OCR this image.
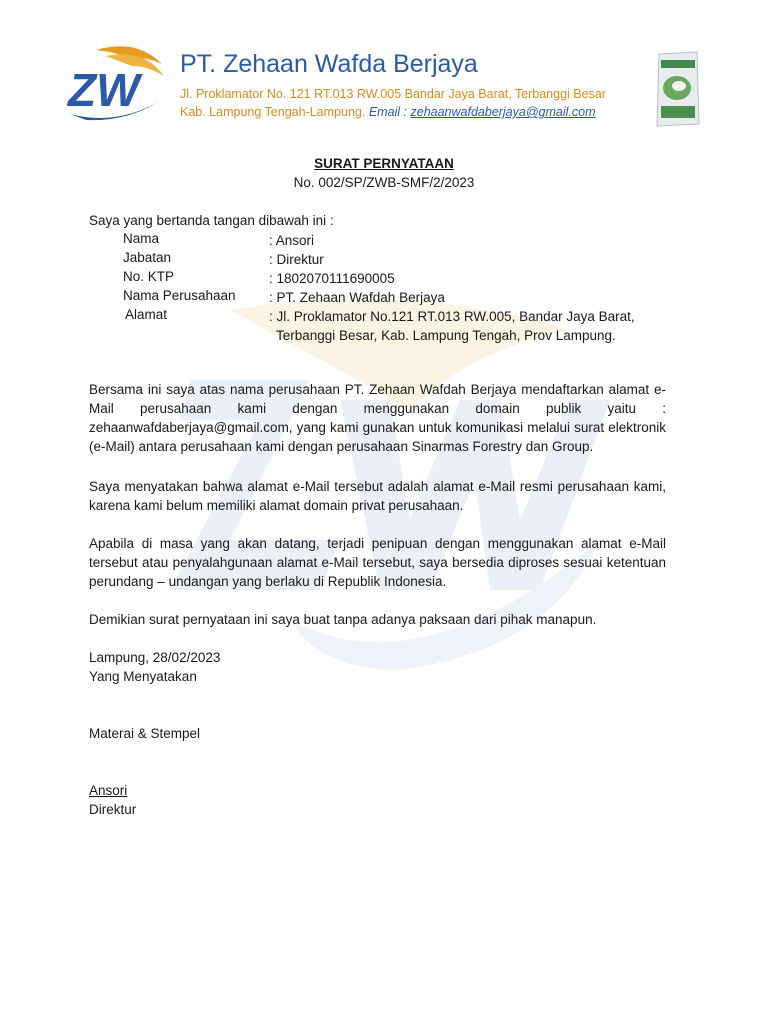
ZW PT. Zehaan Wafda Berjaya
Jl. Proklamator No. 121 RT.013 RW.005 Bandar Jaya Barat, Terbanggi Besar
Kab. Lampung Tengah-Lampung. Email : zehaanwafdaberjaya@gmail.com
SURAT PERNYATAAN
No. 002/SP/ZWB-SMF/2/2023
Saya yang bertanda tangan dibawah ini :
Nama	: Ansori
Jabatan	: Direktur
No. KTP	: 1802070111690005
Nama Perusahaan : PT. Zehaan Wafdah Berjaya
Alamat	: Jl. Proklamator No.121 RT.013 RW.005, Bandar Jaya Barat,
Terbanggi Besar, Kab. Lampung Tengah, Prov Lampung.
Bersama ini saya atas nama perusahaan PT. Zehaan Wafdah Berjaya mendaftarkan alamat e-Mail perusahaan kami dengan menggunakan domain publik yaitu : zehaanwafdaberjaya@gmail.com, yang kami gunakan untuk komunikasi melalui surat elektronik (e-Mail) antara perusahaan kami dengan perusahaan Sinarmas Forestry dan Group.
Saya menyatakan bahwa alamat e-Mail tersebut adalah alamat e-Mail resmi perusahaan kami, karena kami belum memiliki alamat domain privat perusahaan.
Apabila di masa yang akan datang, terjadi penipuan dengan menggunakan alamat e-Mail tersebut atau penyalahgunaan alamat e-Mail tersebut, saya bersedia diproses sesuai ketentuan perundang – undangan yang berlaku di Republik Indonesia.
Demikian surat pernyataan ini saya buat tanpa adanya paksaan dari pihak manapun.
Lampung, 28/02/2023
Yang Menyatakan
Materai & Stempel
Ansori
Direktur
